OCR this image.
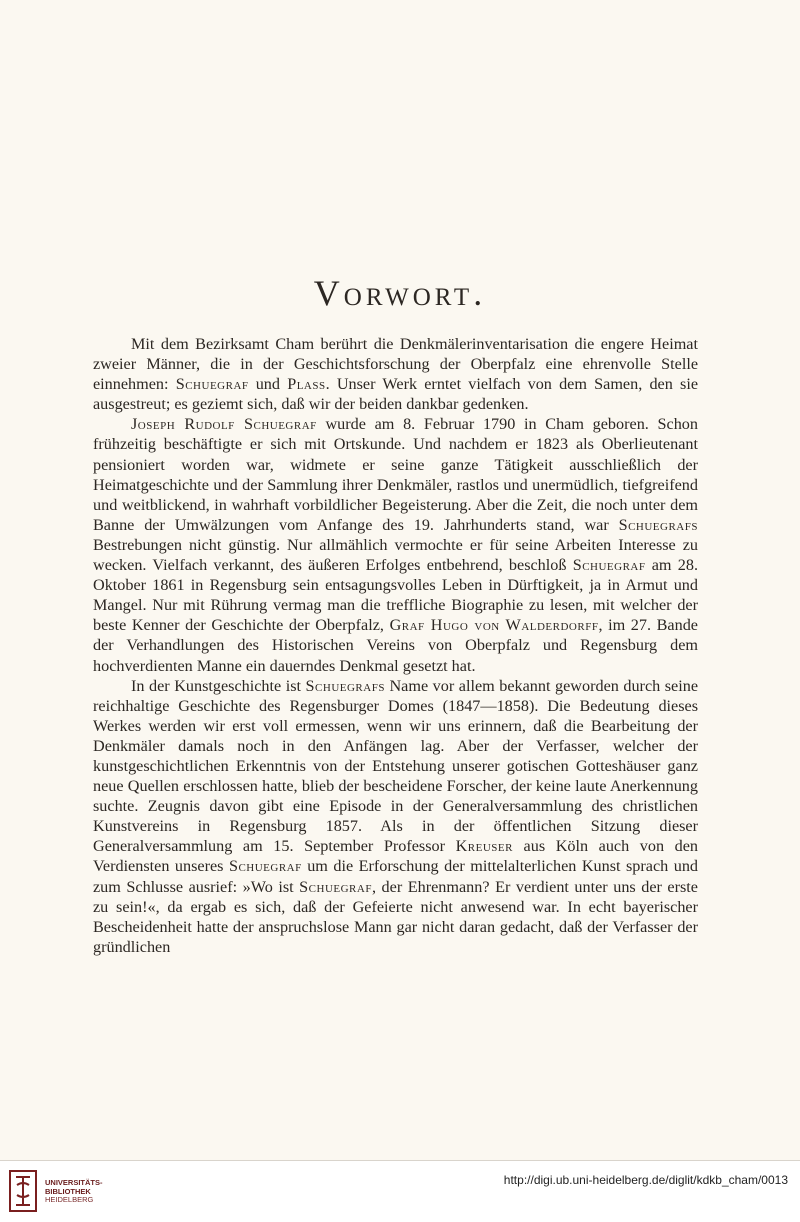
Vorwort.

Mit dem Bezirksamt Cham berührt die Denkmälerinventarisation die engere Heimat zweier Männer, die in der Geschichtsforschung der Oberpfalz eine ehrenvolle Stelle einnehmen: Schuegraf und Plass. Unser Werk erntet vielfach von dem Samen, den sie ausgestreut; es geziemt sich, daß wir der beiden dankbar gedenken.

Joseph Rudolf Schuegraf wurde am 8. Februar 1790 in Cham geboren. Schon frühzeitig beschäftigte er sich mit Ortskunde. Und nachdem er 1823 als Oberlieutenant pensioniert worden war, widmete er seine ganze Tätigkeit ausschließlich der Heimatgeschichte und der Sammlung ihrer Denkmäler, rastlos und unermüdlich, tiefgreifend und weitblickend, in wahrhaft vorbildlicher Begeisterung. Aber die Zeit, die noch unter dem Banne der Umwälzungen vom Anfange des 19. Jahrhunderts stand, war Schuegrafs Bestrebungen nicht günstig. Nur allmählich vermochte er für seine Arbeiten Interesse zu wecken. Vielfach verkannt, des äußeren Erfolges entbehrend, beschloß Schuegraf am 28. Oktober 1861 in Regensburg sein entsagungsvolles Leben in Dürftigkeit, ja in Armut und Mangel. Nur mit Rührung vermag man die treffliche Biographie zu lesen, mit welcher der beste Kenner der Geschichte der Oberpfalz, Graf Hugo von Walderdorff, im 27. Bande der Verhandlungen des Historischen Vereins von Oberpfalz und Regensburg dem hochverdienten Manne ein dauerndes Denkmal gesetzt hat.

In der Kunstgeschichte ist Schuegrafs Name vor allem bekannt geworden durch seine reichhaltige Geschichte des Regensburger Domes (1847—1858). Die Bedeutung dieses Werkes werden wir erst voll ermessen, wenn wir uns erinnern, daß die Bearbeitung der Denkmäler damals noch in den Anfängen lag. Aber der Verfasser, welcher der kunstgeschichtlichen Erkenntnis von der Entstehung unserer gotischen Gotteshäuser ganz neue Quellen erschlossen hatte, blieb der bescheidene Forscher, der keine laute Anerkennung suchte. Zeugnis davon gibt eine Episode in der Generalversammlung des christlichen Kunstvereins in Regensburg 1857. Als in der öffentlichen Sitzung dieser Generalversammlung am 15. September Professor Kreuser aus Köln auch von den Verdiensten unseres Schuegraf um die Erforschung der mittelalterlichen Kunst sprach und zum Schlusse ausrief: »Wo ist Schuegraf, der Ehrenmann? Er verdient unter uns der erste zu sein!«, da ergab es sich, daß der Gefeierte nicht anwesend war. In echt bayerischer Bescheidenheit hatte der anspruchslose Mann gar nicht daran gedacht, daß der Verfasser der gründlichen

UNIVERSITÄTS-
BIBLIOTHEK
HEIDELBERG
http://digi.ub.uni-heidelberg.de/diglit/kdkb_cham/0013
